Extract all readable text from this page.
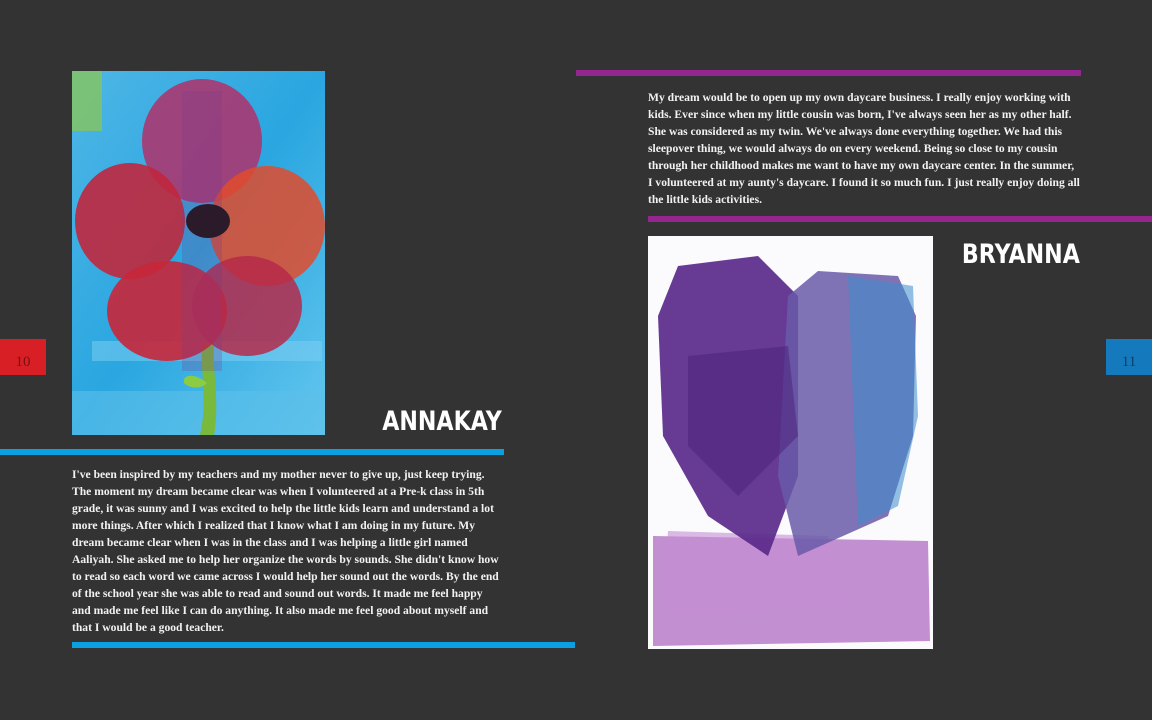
ANNAKAY

I've been inspired by my teachers and my mother never to give up, just keep trying. The moment my dream became clear was when I volunteered at a Pre-k class in 5th grade, it was sunny and I was excited to help the little kids learn and understand a lot more things. After which I realized that I know what I am doing in my future. My dream became clear when I was in the class and I was helping a little girl named Aaliyah. She asked me to help her organize the words by sounds. She didn't know how to read so each word we came across I would help her sound out the words. By the end of the school year she was able to read and sound out words. It made me feel happy and made me feel like I can do anything. It also made me feel good about myself and that I would be a good teacher.

10

My dream would be to open up my own daycare business. I really enjoy working with kids. Ever since when my little cousin was born, I've always seen her as my other half. She was considered as my twin. We've always done everything together. We had this sleepover thing, we would always do on every weekend. Being so close to my cousin through her childhood makes me want to have my own daycare center. In the summer, I volunteered at my aunty's daycare. I found it so much fun. I just really enjoy doing all the little kids activities.

BRYANNA
11
